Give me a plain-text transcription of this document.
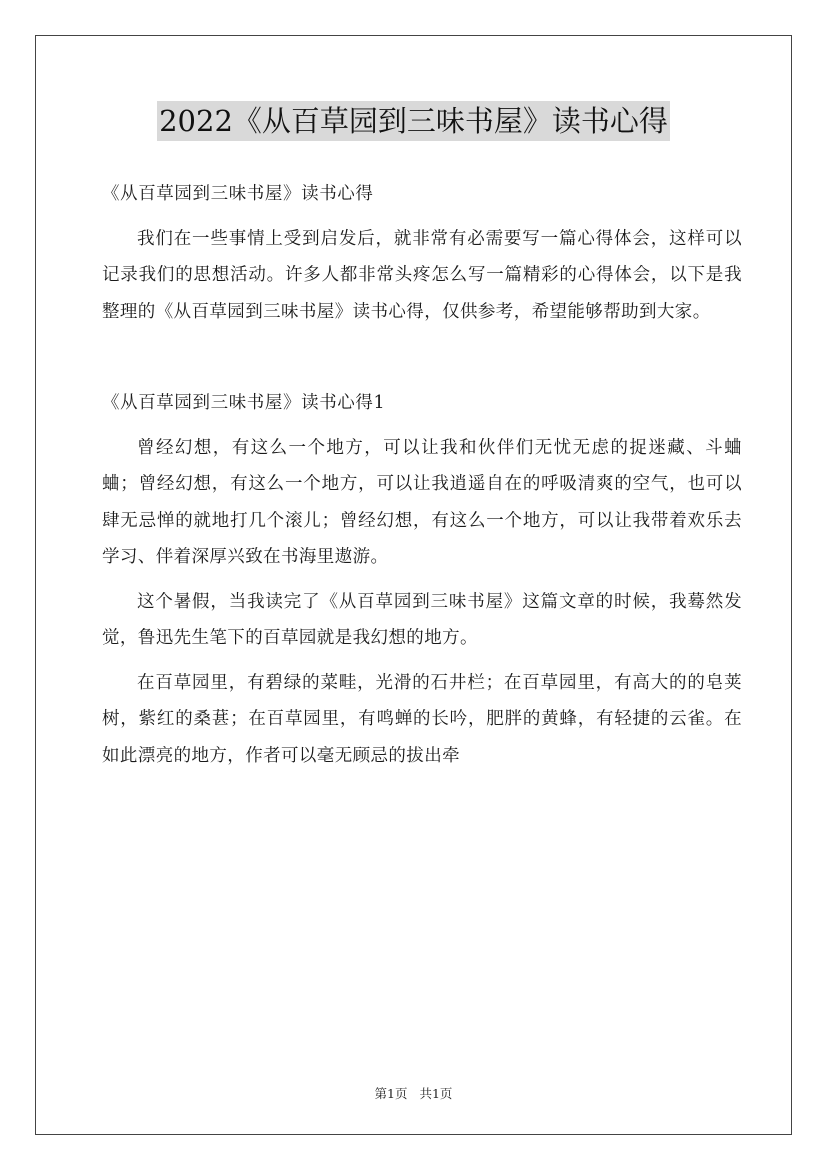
2022《从百草园到三味书屋》读书心得

《从百草园到三味书屋》读书心得

我们在一些事情上受到启发后，就非常有必需要写一篇心得体会，这样可以记录我们的思想活动。许多人都非常头疼怎么写一篇精彩的心得体会，以下是我整理的《从百草园到三味书屋》读书心得，仅供参考，希望能够帮助到大家。

《从百草园到三味书屋》读书心得1

曾经幻想，有这么一个地方，可以让我和伙伴们无忧无虑的捉迷藏、斗蛐蛐；曾经幻想，有这么一个地方，可以让我逍遥自在的呼吸清爽的空气，也可以肆无忌惮的就地打几个滚儿；曾经幻想，有这么一个地方，可以让我带着欢乐去学习、伴着深厚兴致在书海里遨游。

这个暑假，当我读完了《从百草园到三味书屋》这篇文章的时候，我蓦然发觉，鲁迅先生笔下的百草园就是我幻想的地方。

在百草园里，有碧绿的菜畦，光滑的石井栏；在百草园里，有高大的的皂荚树，紫红的桑葚；在百草园里，有鸣蝉的长吟，肥胖的黄蜂，有轻捷的云雀。在如此漂亮的地方，作者可以毫无顾忌的拔出牵

第1页 共1页
